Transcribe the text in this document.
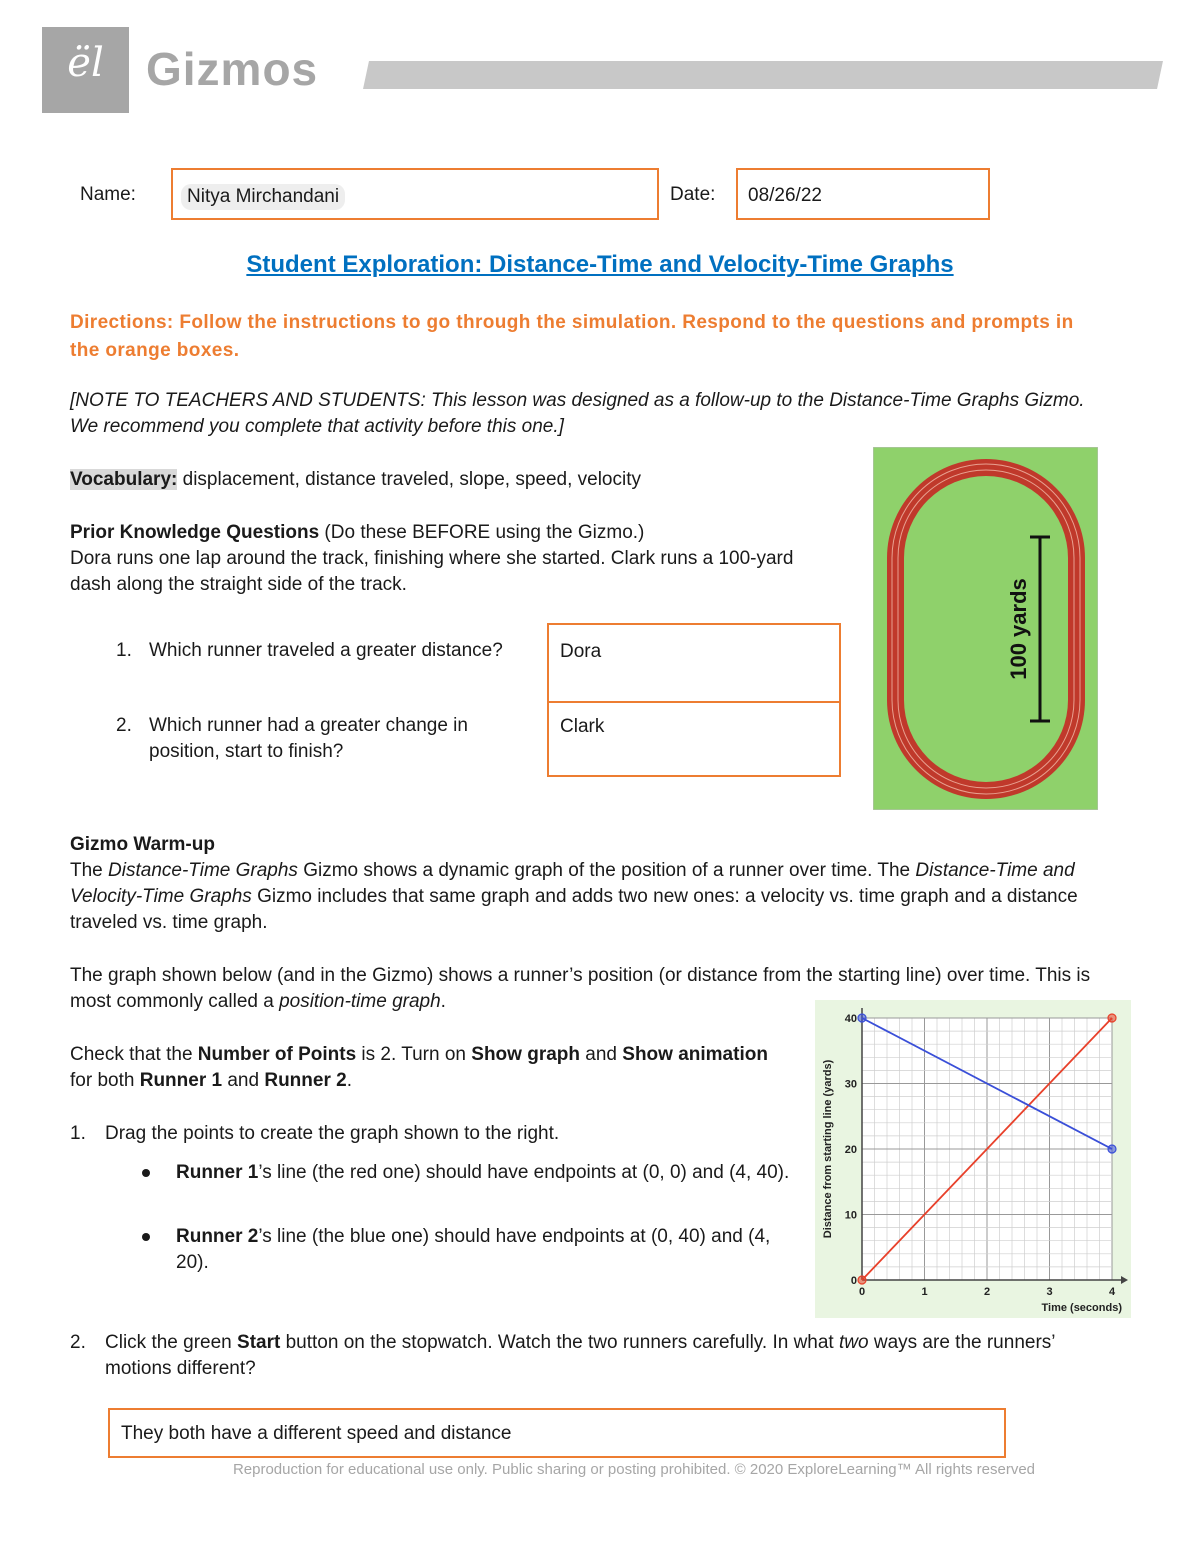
ël Gizmos
Name:	Nitya Mirchandani	Date: 08/26/22
Student Exploration: Distance-Time and Velocity-Time Graphs
Directions: Follow the instructions to go through the simulation. Respond to the questions and prompts in the orange boxes.
[NOTE TO TEACHERS AND STUDENTS: This lesson was designed as a follow-up to the Distance-Time Graphs Gizmo. We recommend you complete that activity before this one.]
Vocabulary: displacement, distance traveled, slope, speed, velocity
Prior Knowledge Questions (Do these BEFORE using the Gizmo.)
Dora runs one lap around the track, finishing where she started. Clark runs a 100-yard dash along the straight side of the track.
1. Which runner traveled a greater distance?
2. Which runner had a greater change in position, start to finish?
Dora
Clark
100 yards
Gizmo Warm-up
The Distance-Time Graphs Gizmo shows a dynamic graph of the position of a runner over time. The Distance-Time and Velocity-Time Graphs Gizmo includes that same graph and adds two new ones: a velocity vs. time graph and a distance traveled vs. time graph.
The graph shown below (and in the Gizmo) shows a runner’s position (or distance from the starting line) over time. This is most commonly called a position-time graph.
Check that the Number of Points is 2. Turn on Show graph and Show animation for both Runner 1 and Runner 2.
1. Drag the points to create the graph shown to the right.
Runner 1’s line (the red one) should have endpoints at (0, 0) and (4, 40).
Runner 2’s line (the blue one) should have endpoints at (0, 40) and (4, 20).
2. Click the green Start button on the stopwatch. Watch the two runners carefully. In what two ways are the runners’ motions different?
They both have a different speed and distance
0	1	2	3	4
0
10
20
30
40
Time (seconds)
Distance from starting line (yards)
Reproduction for educational use only. Public sharing or posting prohibited. © 2020 ExploreLearning™ All rights reserved
